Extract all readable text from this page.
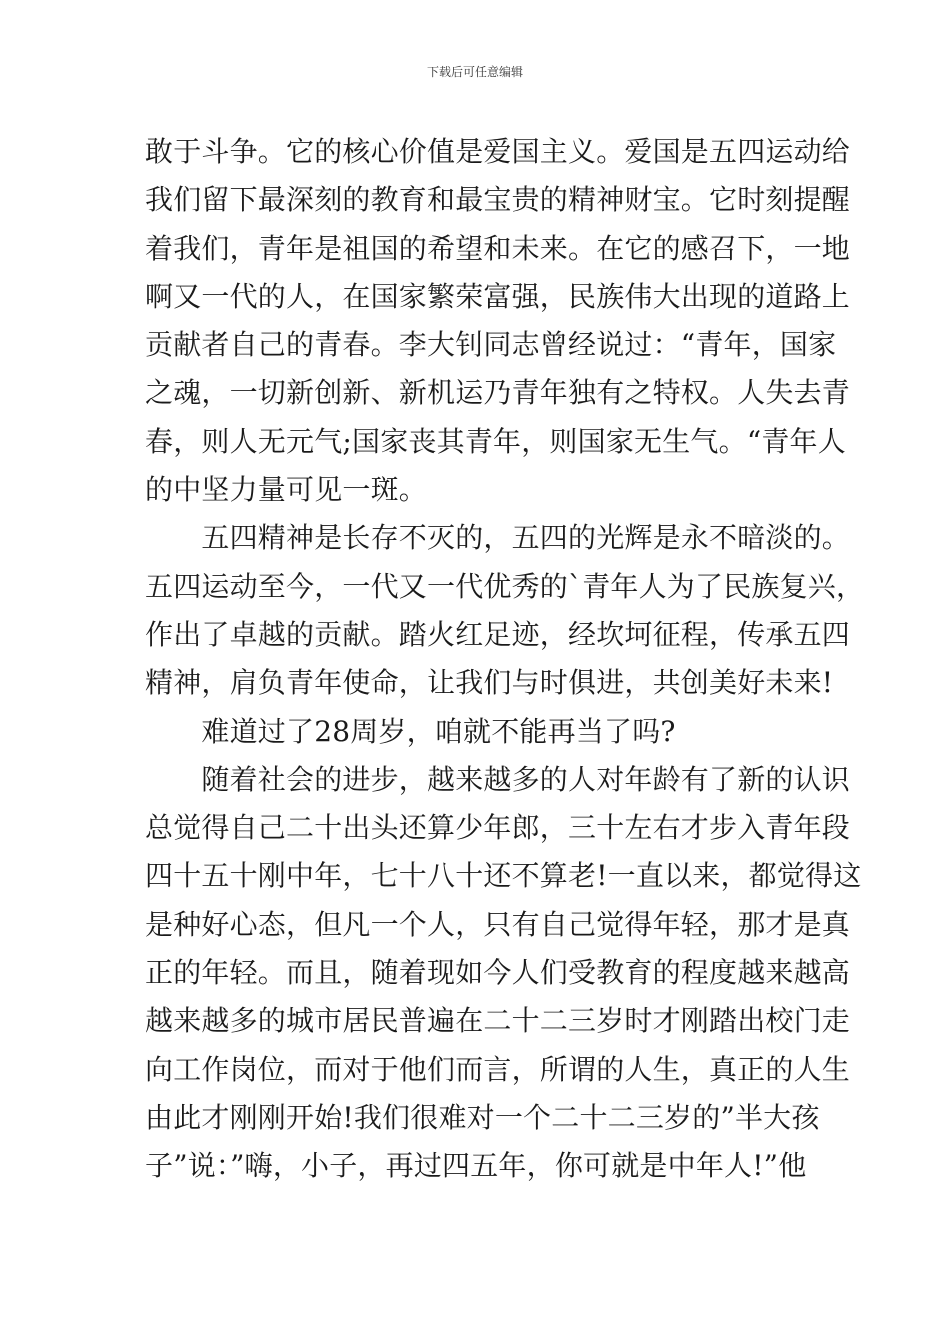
下载后可任意编辑
敢于斗争。它的核心价值是爱国主义。爱国是五四运动给
我们留下最深刻的教育和最宝贵的精神财宝。它时刻提醒
着我们，青年是祖国的希望和未来。在它的感召下，一地
啊又一代的人，在国家繁荣富强，民族伟大出现的道路上
贡献者自己的青春。李大钊同志曾经说过：“青年，国家
之魂，一切新创新、新机运乃青年独有之特权。人失去青
春，则人无元气;国家丧其青年，则国家无生气。“青年人
的中坚力量可见一斑。
　　五四精神是长存不灭的，五四的光辉是永不暗淡的。
五四运动至今，一代又一代优秀的`青年人为了民族复兴，
作出了卓越的贡献。踏火红足迹，经坎坷征程，传承五四
精神，肩负青年使命，让我们与时俱进，共创美好未来!
　　难道过了28周岁，咱就不能再当了吗?
　　随着社会的进步，越来越多的人对年龄有了新的认识
总觉得自己二十出头还算少年郎，三十左右才步入青年段
四十五十刚中年，七十八十还不算老!一直以来，都觉得这
是种好心态，但凡一个人，只有自己觉得年轻，那才是真
正的年轻。而且，随着现如今人们受教育的程度越来越高
越来越多的城市居民普遍在二十二三岁时才刚踏出校门走
向工作岗位，而对于他们而言，所谓的人生，真正的人生
由此才刚刚开始!我们很难对一个二十二三岁的”半大孩
子”说：”嗨，小子，再过四五年，你可就是中年人!”他
